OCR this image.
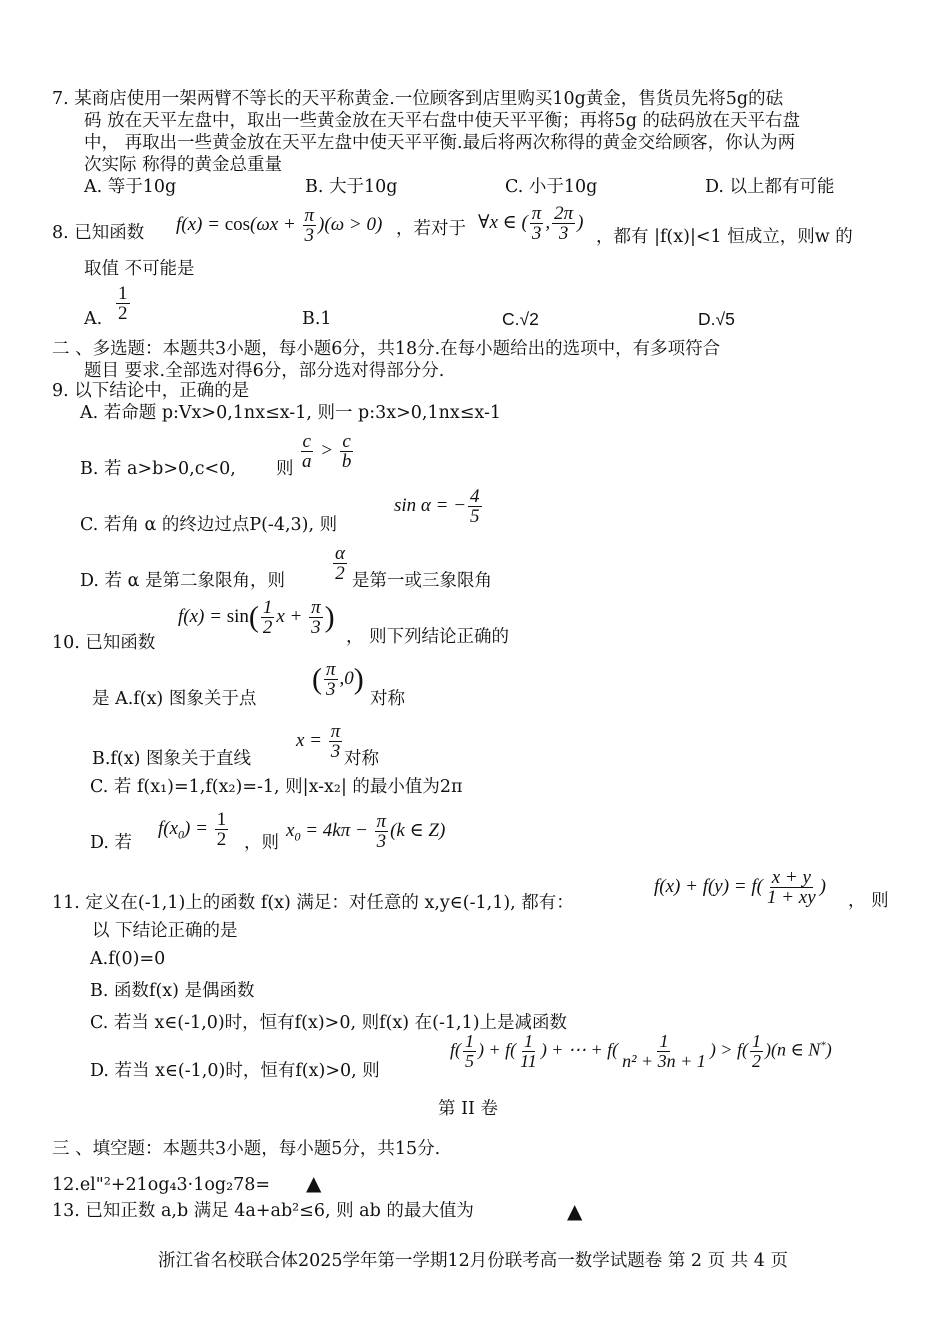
7. 某商店使用一架两臂不等长的天平称黄金.一位顾客到店里购买10g黄金，售货员先将5g的砝
码 放在天平左盘中，取出一些黄金放在天平右盘中使天平平衡；再将5g 的砝码放在天平右盘
中， 再取出一些黄金放在天平左盘中使天平平衡.最后将两次称得的黄金交给顾客，你认为两
次实际 称得的黄金总重量
A. 等于10g	B. 大于10g	C. 小于10g	D. 以上都有可能
8. 已知函数 $f(x) = \cos(\omega x + \frac{\pi}{3} )(\omega > 0)$ ，若对于 ∀x ∈ ( $\frac{\pi}{3}$ , $\frac{2\pi}{3}$ )
，都有 |f(x)|<1 恒成立，则w 的
取值 不可能是
A. $\frac{1}{2}$	B.1	C.√2	D.√5
二 、多选题：本题共3小题，每小题6分，共18分.在每小题给出的选项中，有多项符合
题目 要求.全部选对得6分，部分选对得部分分.
9. 以下结论中，正确的是
A. 若命题 p:Vx>0,1nx≤x-1, 则一 p:3x>0,1nx≤x-1
B. 若 a>b>0,c<0, 则 $\frac{c}{a} > \frac{c}{b}$
C. 若角 α 的终边过点P(-4,3), 则
sin α = − $\frac{4}{5}$
D. 若 α 是第二象限角，则	$\frac{\alpha}{2}$ 是第一或三象限角
10. 已知函数
$f(x) = \sin( \frac{1}{2}$ $x + \frac{\pi}{3}$ )
， 则下列结论正确的
是 A.f(x) 图象关于点
( $\frac{\pi}{3} ,0$)
对称
B.f(x) 图象关于直线
$x = \frac{\pi}{3}$ 对称
C. 若 f(x₁)=1,f(x₂)=-1, 则|x-x₂| 的最小值为2π
D. 若
$f(x_0) = \frac{1}{2}$ ，则
$x_0 = 4k\pi - \frac{\pi}{3} (k$ ∈ Z)
11. 定义在(-1,1)上的函数 f(x) 满足：对任意的 x,y∈(-1,1), 都有：
$f(x) + f(y) = f( \frac{x + y}{1 + xy}$ )
， 则
以 下结论正确的是
A.f(0)=0
B. 函数f(x) 是偶函数
C. 若当 x∈(-1,0)时，恒有f(x)>0, 则f(x) 在(-1,1)上是减函数
D. 若当 x∈(-1,0)时，恒有f(x)>0, 则
$f( \frac{1}{5}$ ) + $f( \frac{1}{11}$ ) + ⋯ + $f( \frac{1}{\text{n² + 3n + 1}}$ ) > $f( \frac{1}{2} )(n$ ∈ N*)
第 II 卷
三 、填空题：本题共3小题，每小题5分，共15分.
12.el"²+21og₄3·1og₂78= ▲
13. 已知正数 a,b 满足 4a+ab²≤6, 则 ab 的最大值为	▲
浙江省名校联合体2025学年第一学期12月份联考高一数学试题卷 第 2 页 共 4 页
